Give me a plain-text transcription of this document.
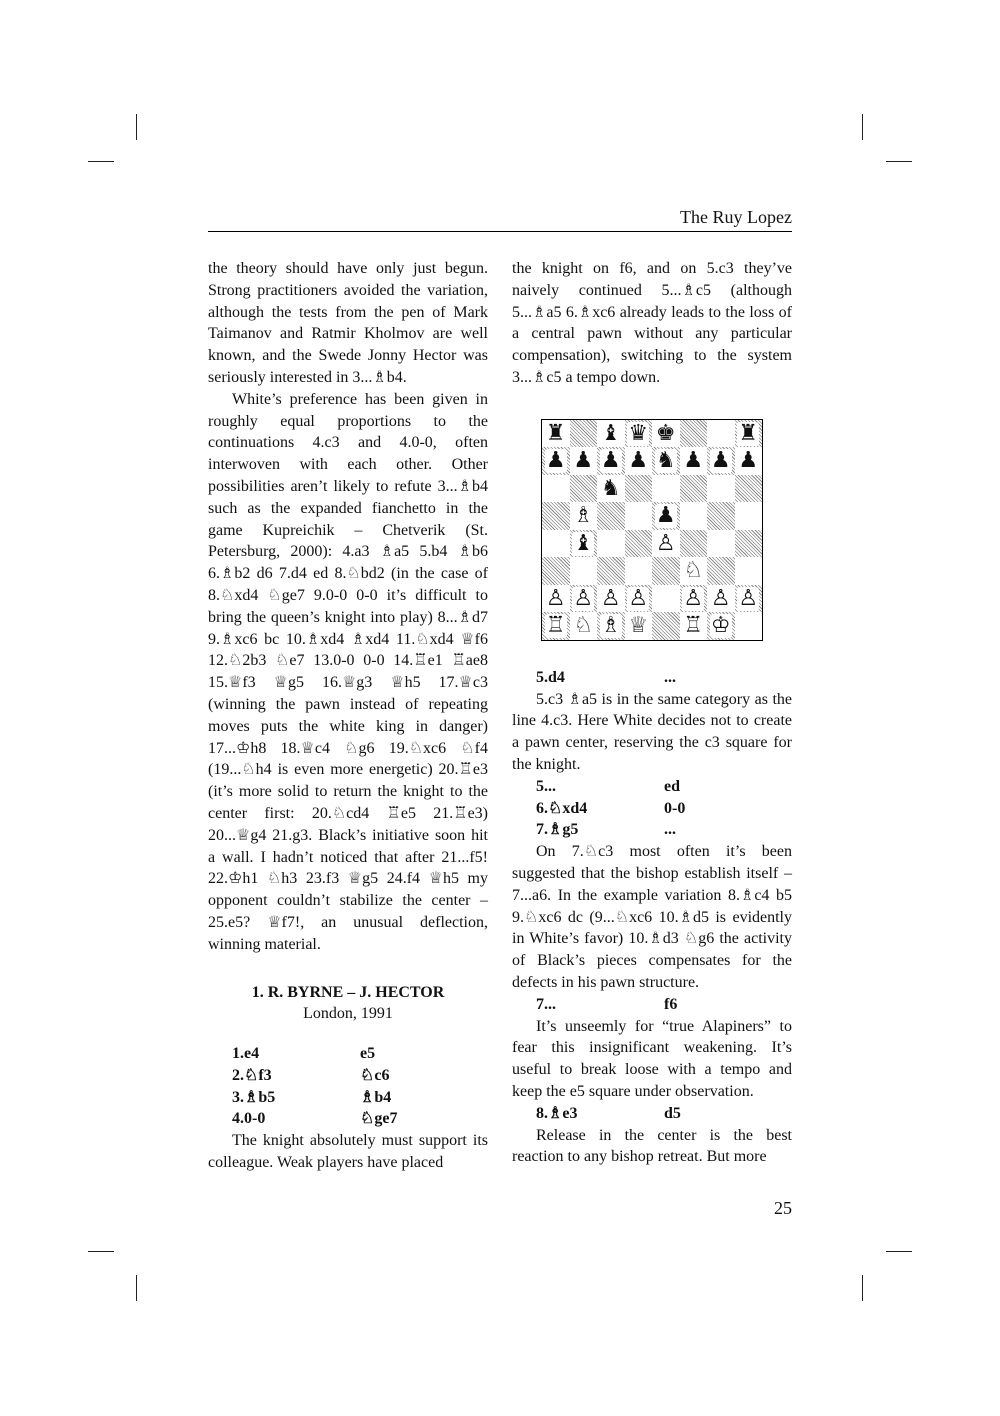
The Ruy Lopez

the theory should have only just begun. Strong practitioners avoided the variation, although the tests from the pen of Mark Taimanov and Ratmir Kholmov are well known, and the Swede Jonny Hector was seriously interested in 3...♗b4.

White’s preference has been given in roughly equal proportions to the continuations 4.c3 and 4.0-0, often interwoven with each other. Other possibilities aren’t likely to refute 3...♗b4 such as the expanded fianchetto in the game Kupreichik – Chetverik (St. Petersburg, 2000): 4.a3 ♗a5 5.b4 ♗b6 6.♗b2 d6 7.d4 ed 8.♘bd2 (in the case of 8.♘xd4 ♘ge7 9.0-0 0-0 it’s difficult to bring the queen’s knight into play) 8...♗d7 9.♗xc6 bc 10.♗xd4 ♗xd4 11.♘xd4 ♕f6 12.♘2b3 ♘e7 13.0-0 0-0 14.♖e1 ♖ae8 15.♕f3 ♕g5 16.♕g3 ♕h5 17.♕c3 (winning the pawn instead of repeating moves puts the white king in danger) 17...♔h8 18.♕c4 ♘g6 19.♘xc6 ♘f4 (19...♘h4 is even more energetic) 20.♖e3 (it’s more solid to return the knight to the center first: 20.♘cd4 ♖e5 21.♖e3) 20...♕g4 21.g3. Black’s initiative soon hit a wall. I hadn’t noticed that after 21...f5! 22.♔h1 ♘h3 23.f3 ♕g5 24.f4 ♕h5 my opponent couldn’t stabilize the center – 25.e5? ♕f7!, an unusual deflection, winning material.

1. R. BYRNE – J. HECTOR
London, 1991
1.e4	e5
2.♘f3	♘c6
3.♗b5	♗b4
4.0-0	♘ge7

The knight absolutely must support its colleague. Weak players have placed

the knight on f6, and on 5.c3 they’ve naively continued 5...♗c5 (although 5...♗a5 6.♗xc6 already leads to the loss of a central pawn without any particular compensation), switching to the system 3...♗c5 a tempo down.

♜ ♝ ♛ ♚	♜
♟ ♟ ♟ ♟ ♞ ♟ ♟ ♟
♞
♗	♟
♝	♙
♘
♙ ♙ ♙ ♙ ♙ ♙ ♙
♖ ♘ ♗ ♕ ♖ ♔
5.d4	...

5.c3 ♗a5 is in the same category as the line 4.c3. Here White decides not to create a pawn center, reserving the c3 square for the knight.

5...	ed
6.♘xd4	0-0
7.♗g5	...

On 7.♘c3 most often it’s been suggested that the bishop establish itself – 7...a6. In the example variation 8.♗c4 b5 9.♘xc6 dc (9...♘xc6 10.♗d5 is evidently in White’s favor) 10.♗d3 ♘g6 the activity of Black’s pieces compensates for the defects in his pawn structure.

7...	f6

It’s unseemly for “true Alapiners” to fear this insignificant weakening. It’s useful to break loose with a tempo and keep the e5 square under observation.

8.♗e3	d5

Release in the center is the best reaction to any bishop retreat. But more

25
